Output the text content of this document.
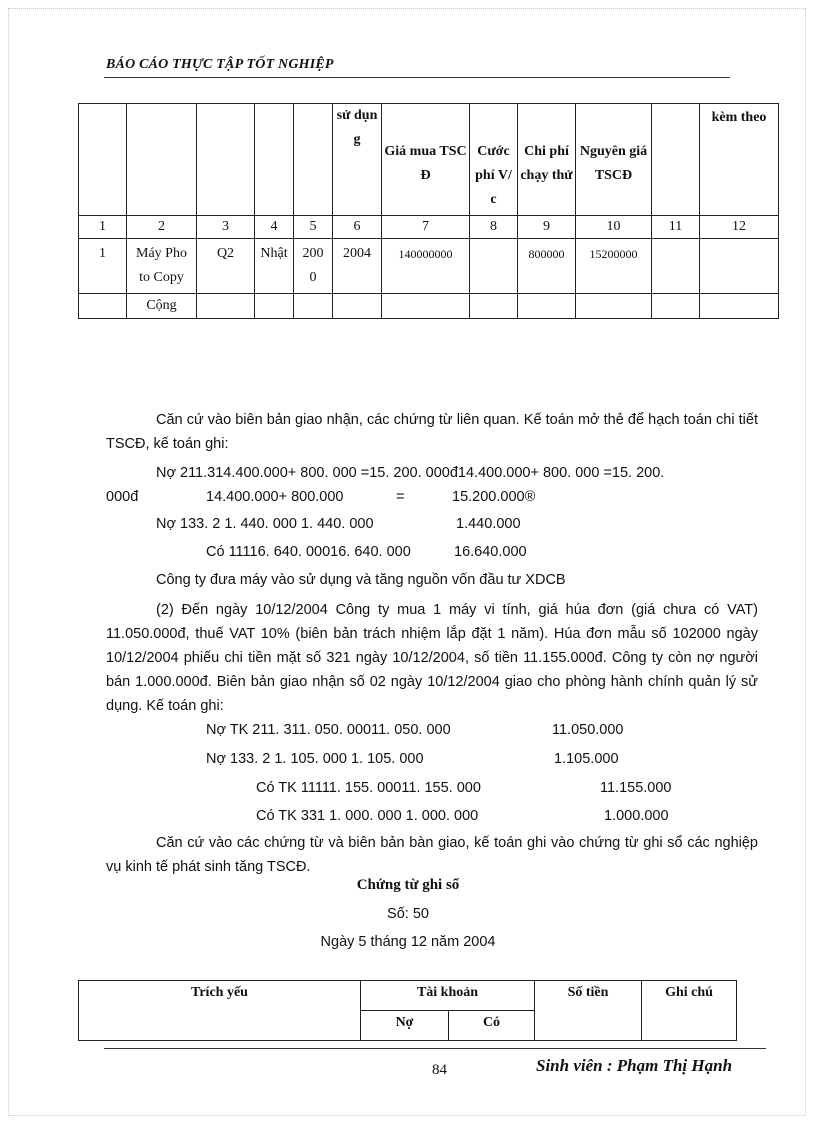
BÁO CÁO THỰC TẬP TỐT NGHIỆP
					sử dụng	Giá mua TSCĐ	Cước phí V/ c	Chi phí chạy thử	Nguyên giá TSCĐ		kèm theo
1	2	3	4	5	6	7	8	9	10	11	12
1	Máy Photo Copy	Q2	Nhật	2000	2004	140000000		800000	15200000		
	Cộng										
Căn cứ vào biên bản giao nhận, các chứng từ liên quan. Kế toán mở thẻ để hạch toán chi tiết TSCĐ, kế toán ghi:
Nợ 211.314.400.000+ 800. 000 =15. 200. 000đ14.400.000+ 800. 000 =15. 200.
000đ	14.400.000+ 800.000	=	15.200.000®
Nợ 133. 2 1. 440. 000 1. 440. 000	1.440.000
Có 11116. 640. 00016. 640. 000	16.640.000
Công ty đưa máy vào sử dụng và tăng nguồn vốn đầu tư XDCB
(2) Đến ngày 10/12/2004 Công ty mua 1 máy vi tính, giá húa đơn (giá chưa có VAT) 11.050.000đ, thuế VAT 10% (biên bản trách nhiệm lắp đặt 1 năm). Húa đơn mẫu số 102000 ngày 10/12/2004 phiếu chi tiền mặt số 321 ngày 10/12/2004, số tiền 11.155.000đ. Công ty còn nợ người bán 1.000.000đ. Biên bản giao nhận số 02 ngày 10/12/2004 giao cho phòng hành chính quản lý sử dụng. Kế toán ghi:
Nợ TK 211. 311. 050. 00011. 050. 000	11.050.000
Nợ 133. 2 1. 105. 000 1. 105. 000	1.105.000
Có TK 11111. 155. 00011. 155. 000	11.155.000
Có TK 331 1. 000. 000 1. 000. 000	1.000.000
Căn cứ vào các chứng từ và biên bản bàn giao, kế toán ghi vào chứng từ ghi sổ các nghiệp vụ kinh tế phát sinh tăng TSCĐ.
Chứng từ ghi sổ
Số: 50
Ngày 5 tháng 12 năm 2004
Trích yếu	Tài khoản		Số tiền	Ghi chú
	Nợ	Có		
84	Sinh viên : Phạm Thị Hạnh
